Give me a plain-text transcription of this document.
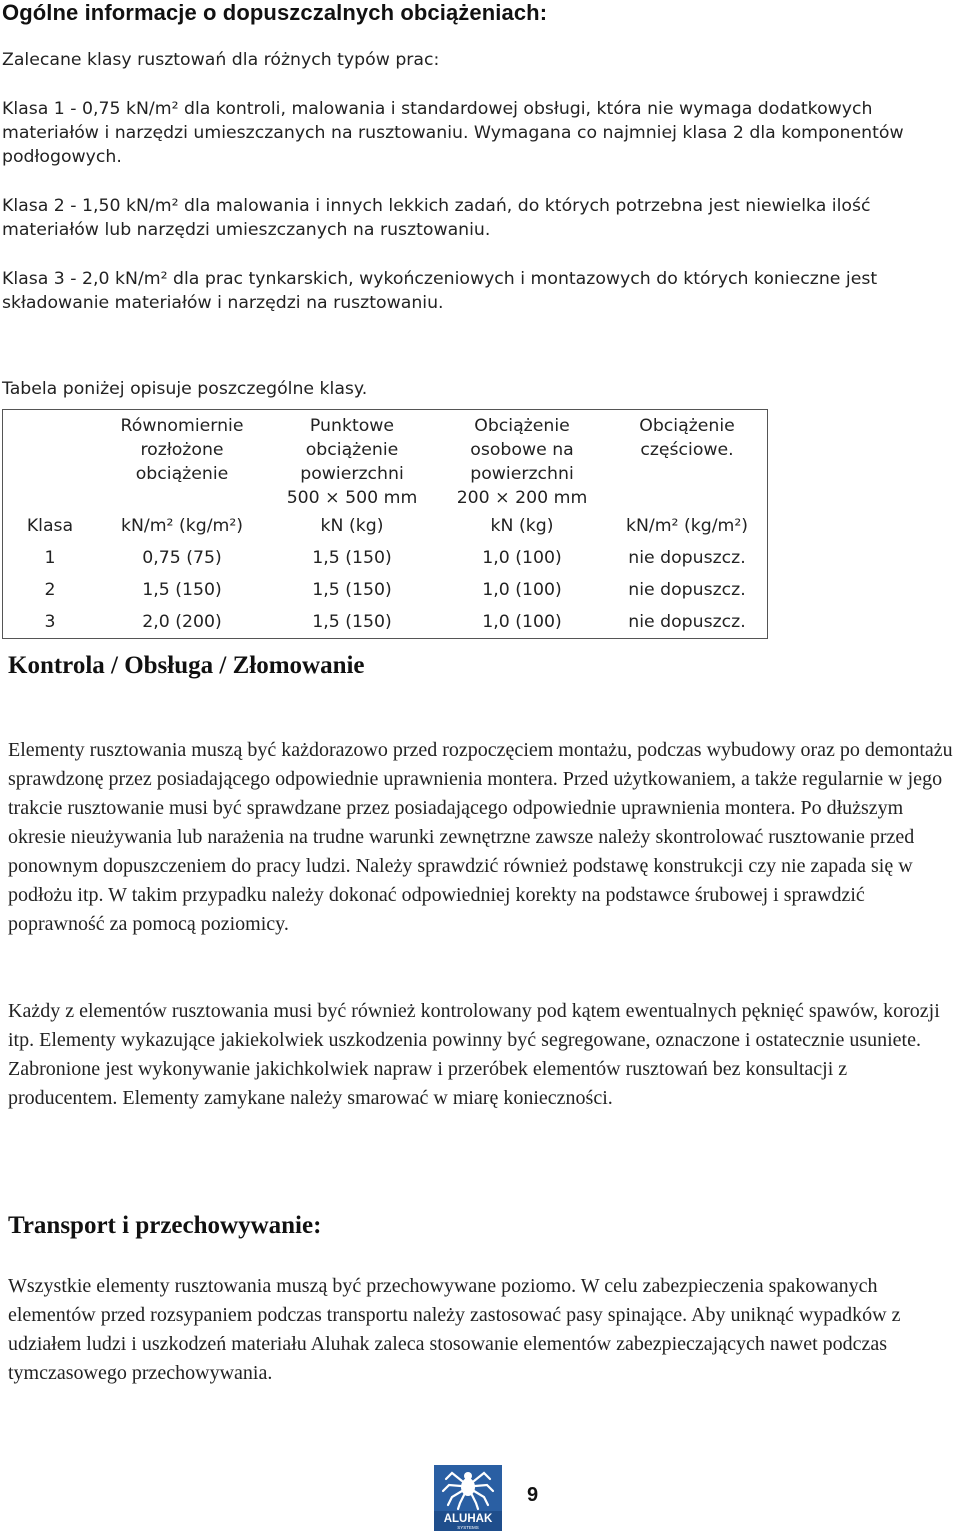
Ogólne informacje o dopuszczalnych obciążeniach:

Zalecane klasy rusztowań dla różnych typów prac:

Klasa 1 - 0,75 kN/m² dla kontroli, malowania i standardowej obsługi, która nie wymaga dodatkowych materiałów i narzędzi umieszczanych na rusztowaniu. Wymagana co najmniej klasa 2 dla komponentów podłogowych.

Klasa 2 - 1,50 kN/m² dla malowania i innych lekkich zadań, do których potrzebna jest niewielka ilość materiałów lub narzędzi umieszczanych na rusztowaniu.

Klasa 3 - 2,0 kN/m² dla prac tynkarskich, wykończeniowych i montazowych do których konieczne jest składowanie materiałów i narzędzi na rusztowaniu.

Tabela poniżej opisuje poszczególne klasy.

	Równomiernie
rozłożone
obciążenie	Punktowe
obciążenie
powierzchni
500 × 500 mm	Obciążenie
osobowe na
powierzchni
200 × 200 mm	Obciążenie
częściowe.

Klasa	kN/m² (kg/m²)	kN (kg)	kN (kg)	kN/m² (kg/m²)
1	0,75 (75)	1,5 (150)	1,0 (100)	nie dopuszcz.
2	1,5 (150)	1,5 (150)	1,0 (100)	nie dopuszcz.
3	2,0 (200)	1,5 (150)	1,0 (100)	nie dopuszcz.
Kontrola / Obsługa / Złomowanie

Elementy rusztowania muszą być każdorazowo przed rozpoczęciem montażu, podczas wybudowy oraz po demontażu sprawdzonę przez posiadającego odpowiednie uprawnienia montera. Przed użytkowaniem, a także regularnie w jego trakcie rusztowanie musi być sprawdzane przez posiadającego odpowiednie uprawnienia montera. Po dłuższym okresie nieużywania lub narażenia na trudne warunki zewnętrzne zawsze należy skontrolować rusztowanie przed ponownym dopuszczeniem do pracy ludzi. Należy sprawdzić również podstawę konstrukcji czy nie zapada się w podłożu itp. W takim przypadku należy dokonać odpowiedniej korekty na podstawce śrubowej i sprawdzić poprawność za pomocą poziomicy.

Każdy z elementów rusztowania musi być również kontrolowany pod kątem ewentualnych pęknięć spawów, korozji itp. Elementy wykazujące jakiekolwiek uszkodzenia powinny być segregowane, oznaczone i ostatecznie usuniete. Zabronione jest wykonywanie jakichkolwiek napraw i przeróbek elementów rusztowań bez konsultacji z producentem. Elementy zamykane należy smarować w miarę konieczności.

Transport i przechowywanie:

Wszystkie elementy rusztowania muszą być przechowywane poziomo. W celu zabezpieczenia spakowanych elementów przed rozsypaniem podczas transportu należy zastosować pasy spinające. Aby uniknąć wypadków z udziałem ludzi i uszkodzeń materiału Aluhak zaleca stosowanie elementów zabezpieczających nawet podczas tymczasowego przechowywania.

ALUHAK
SYSTEMS
9
